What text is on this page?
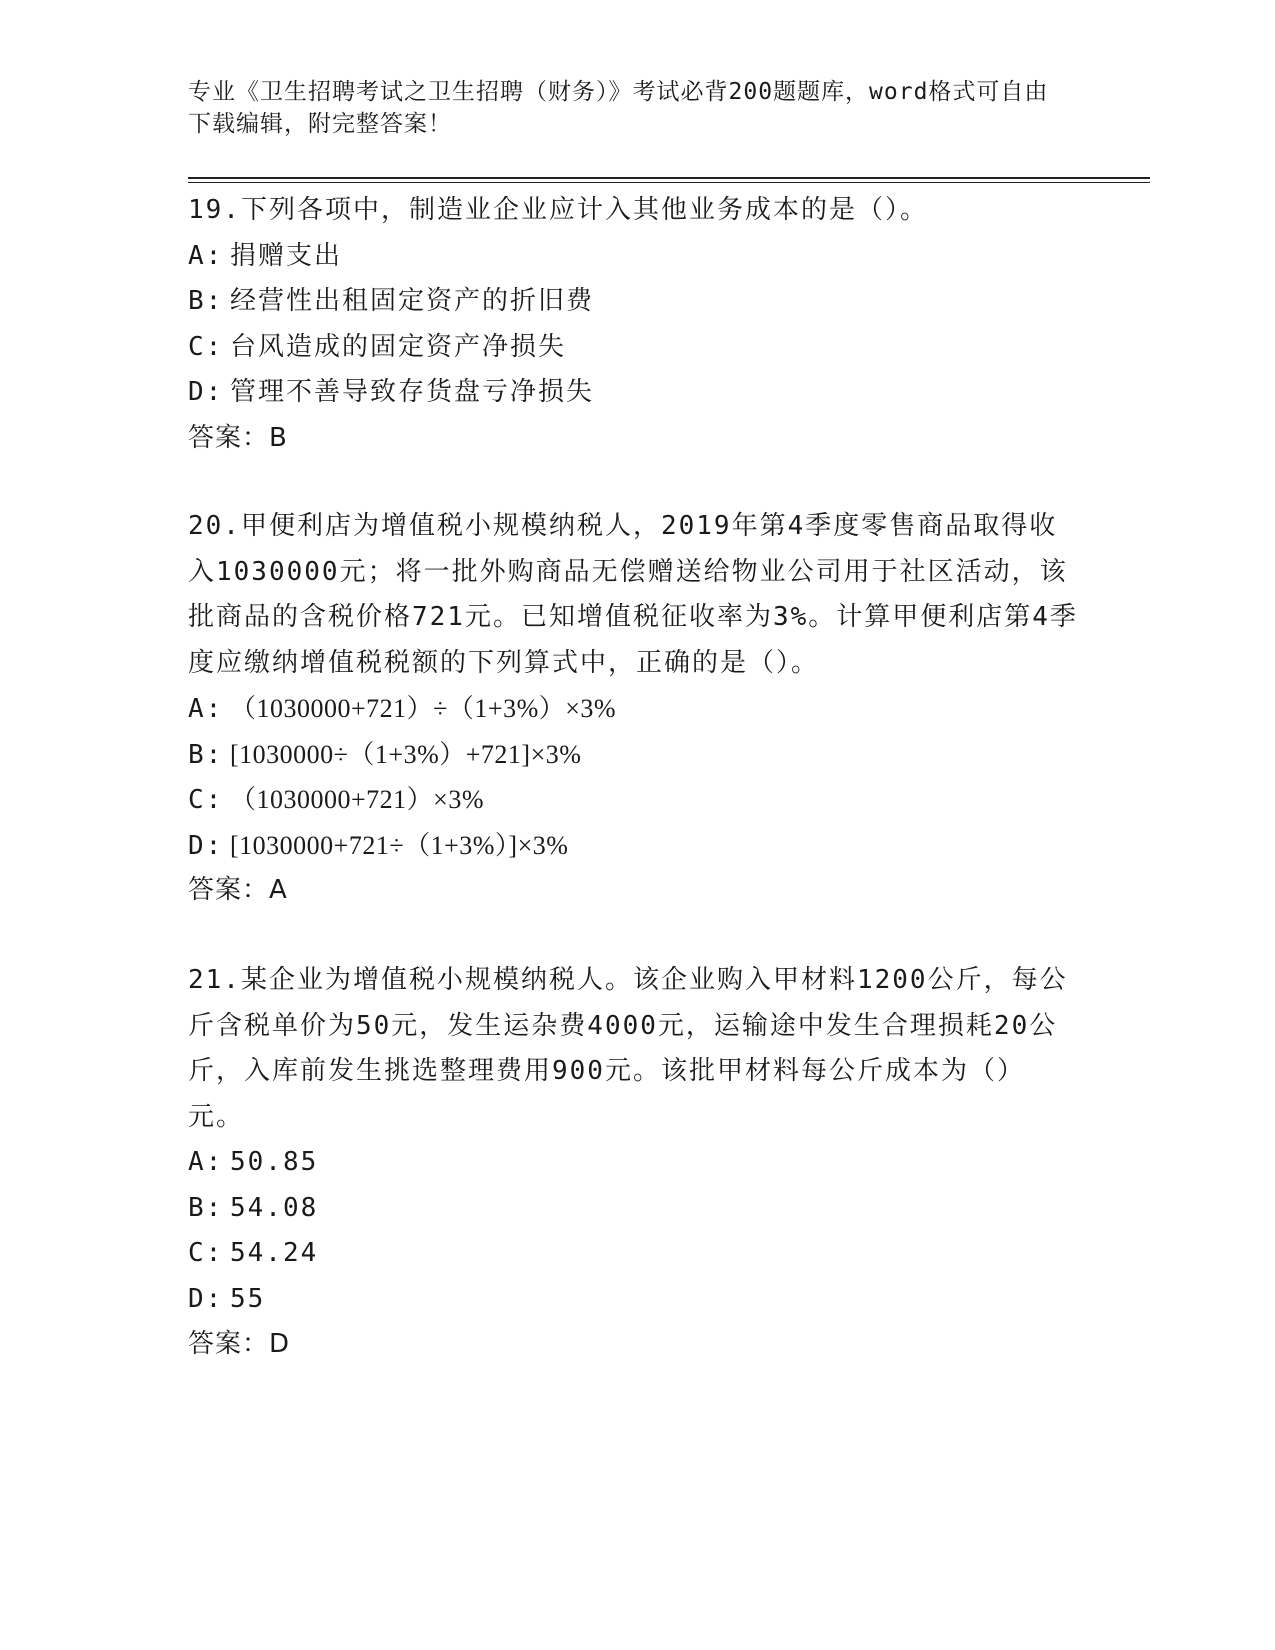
专业《卫生招聘考试之卫生招聘（财务）》考试必背200题题库，word格式可自由下载编辑，附完整答案！

19.下列各项中，制造业企业应计入其他业务成本的是（）。

A: 捐赠支出
B: 经营性出租固定资产的折旧费
C: 台风造成的固定资产净损失
D: 管理不善导致存货盘亏净损失
答案：B

20.甲便利店为增值税小规模纳税人，2019年第4季度零售商品取得收入1030000元；将一批外购商品无偿赠送给物业公司用于社区活动，该批商品的含税价格721元。已知增值税征收率为3%。计算甲便利店第4季度应缴纳增值税税额的下列算式中，正确的是（）。

A: （1030000+721）÷（1+3%）×3%
B: [1030000÷（1+3%）+721]×3%
C: （1030000+721）×3%
D: [1030000+721÷（1+3%）]×3%
答案：A

21.某企业为增值税小规模纳税人。该企业购入甲材料1200公斤，每公斤含税单价为50元，发生运杂费4000元，运输途中发生合理损耗20公斤，入库前发生挑选整理费用900元。该批甲材料每公斤成本为（）元。

A: 50.85
B: 54.08
C: 54.24
D: 55
答案：D
